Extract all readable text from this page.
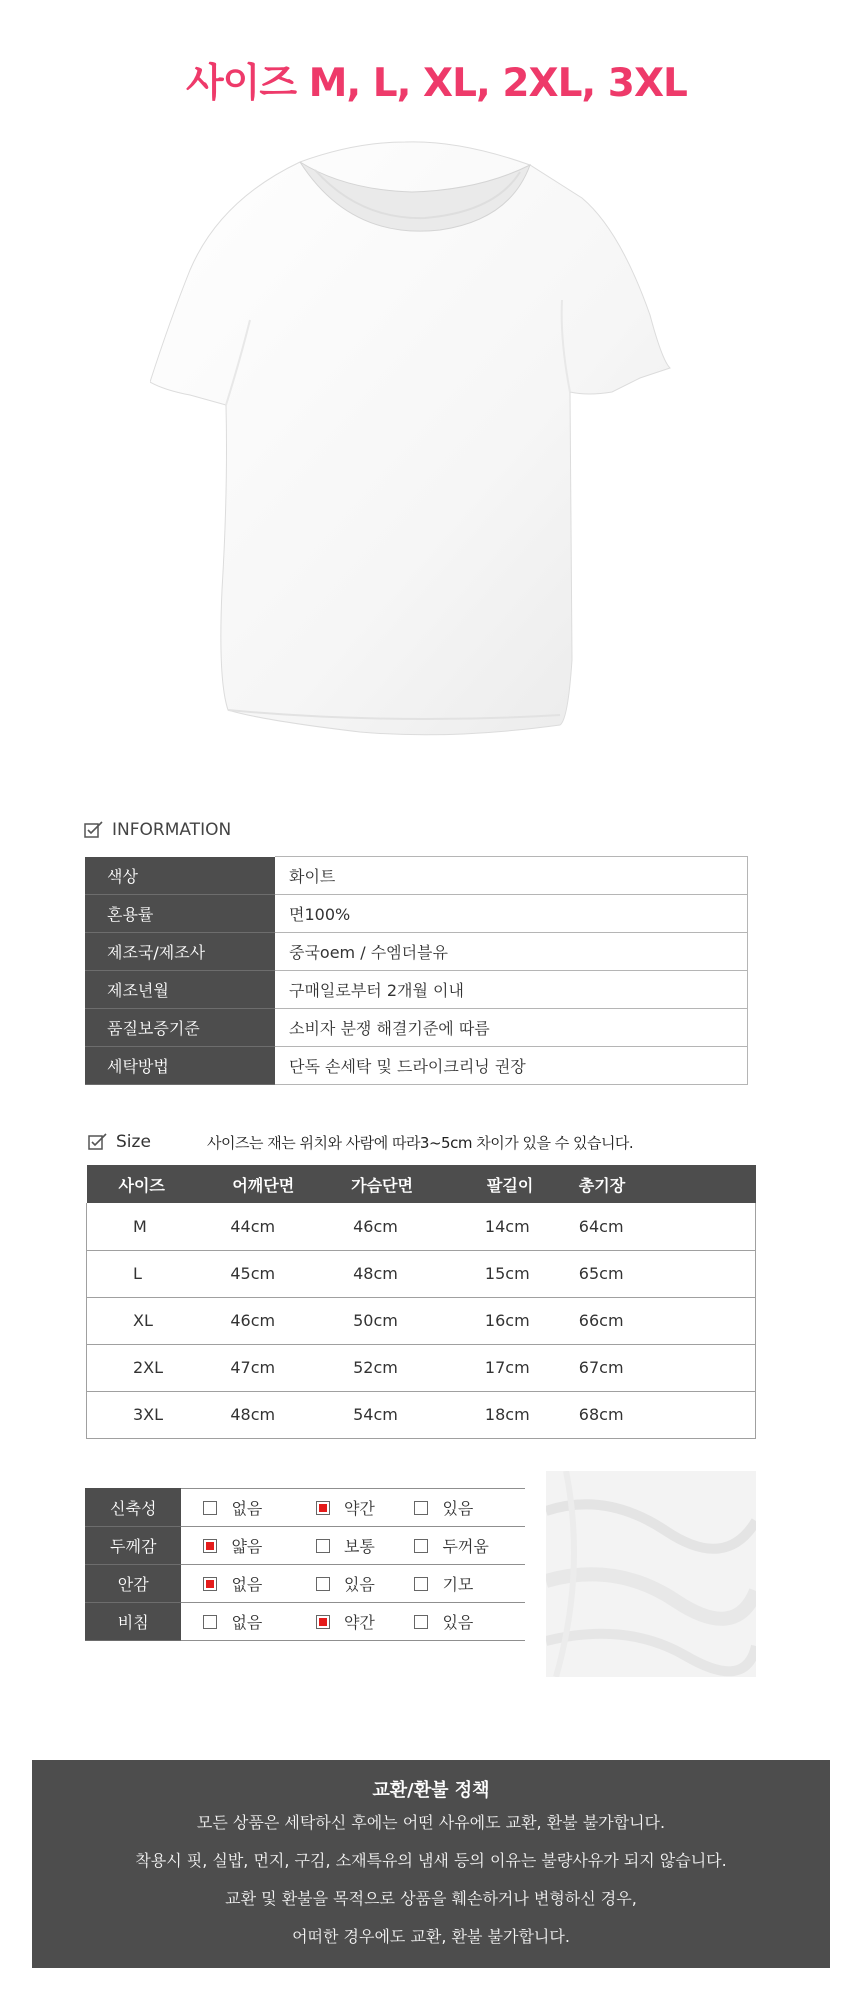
사이즈 M, L, XL, 2XL, 3XL
INFORMATION
색상	화이트
혼용률	면100%
제조국/제조사	중국oem / 수엠더블유
제조년월	구매일로부터 2개월 이내
품질보증기준	소비자 분쟁 해결기준에 따름
세탁방법	단독 손세탁 및 드라이크리닝 권장
Size	사이즈는 재는 위치와 사람에 따라3~5cm 차이가 있을 수 있습니다.
사이즈	어깨단면	가슴단면	팔길이	총기장
M	44cm	46cm	14cm	64cm
L	45cm	48cm	15cm	65cm
XL	46cm	50cm	16cm	66cm
2XL	47cm	52cm	17cm	67cm
3XL	48cm	54cm	18cm	68cm
신축성	없음	약간	있음
두께감	얇음	보통	두꺼움
안감	없음	있음	기모
비침	없음	약간	있음
교환/환불 정책
모든 상품은 세탁하신 후에는 어떤 사유에도 교환, 환불 불가합니다.
착용시 핏, 실밥, 먼지, 구김, 소재특유의 냄새 등의 이유는 불량사유가 되지 않습니다.
교환 및 환불을 목적으로 상품을 훼손하거나 변형하신 경우,
어떠한 경우에도 교환, 환불 불가합니다.
